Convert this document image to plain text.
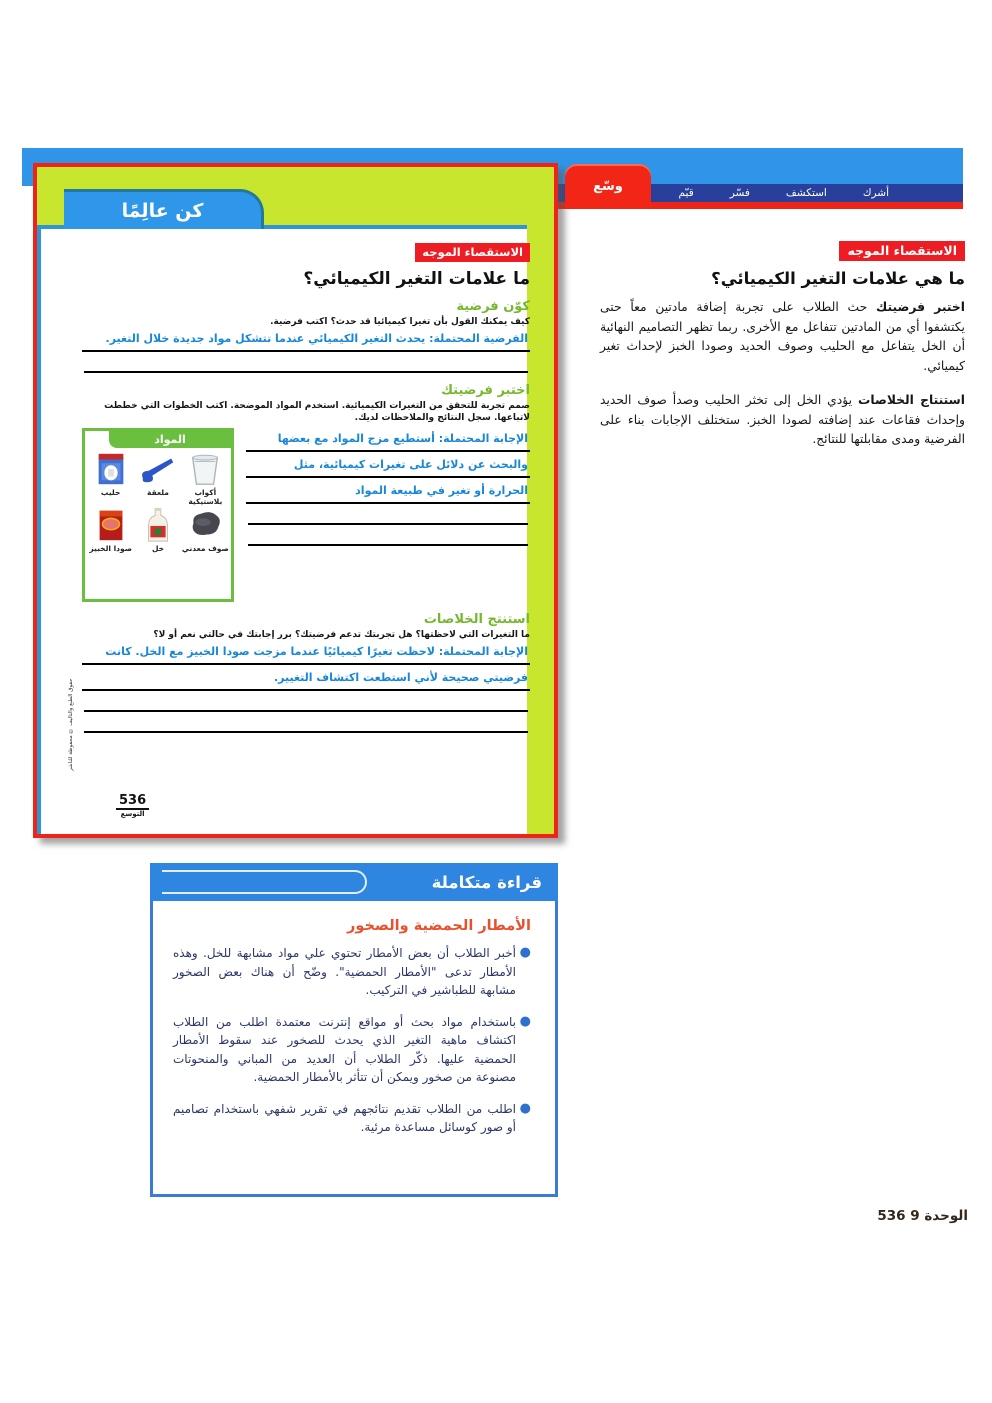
أشرك
استكشف
فسّر
قيّم
وسّع
كن عالِمًا
الاستقصاء الموجه
ما علامات التغير الكيميائي؟
كوّن فرضية
كيف يمكنك القول بأن تغيرا كيميائيا قد حدث؟ اكتب فرضية.
الفرضية المحتملة: يحدث التغير الكيميائي عندما تتشكل مواد جديدة خلال التغير.
اختبر فرضيتك
صمم تجربة للتحقق من التغيرات الكيميائية. استخدم المواد الموضحة. اكتب الخطوات التي خططت لاتباعها. سجل النتائج والملاحظات لديك.
الإجابة المحتملة: أستطيع مزج المواد مع بعضها
والبحث عن دلائل على تغيرات كيميائية، مثل
الحرارة أو تغير في طبيعة المواد
المواد
حليب	ملعقة	أكواب بلاستيكية
صودا الخبيز	خل صوف معدني
استنتج الخلاصات
ما التغيرات التي لاحظتها؟ هل تجربتك تدعم فرضيتك؟ برر إجابتك في حالتي نعم أو لا؟
الإجابة المحتملة: لاحظت تغيرًا كيميائيًا عندما مزجت صودا الخبيز مع الخل. كانت
فرضيتي صحيحة لأني استطعت اكتشاف التغيير.
536
التوسع
حقوق الطبع والتأليف © محفوظة للناشر
الاستقصاء الموجه
ما هي علامات التغير الكيميائي؟
اختبر فرضيتك حث الطلاب على تجربة إضافة مادتين معاً حتى يكتشفوا أي من المادتين تتفاعل مع الأخرى. ربما تظهر التصاميم النهائية أن الخل يتفاعل مع الحليب وصوف الحديد وصودا الخبز لإحداث تغير كيميائي.
استنتاج الخلاصات يؤدي الخل إلى تخثر الحليب وصدأ صوف الحديد وإحداث فقاعات عند إضافته لصودا الخبز. ستختلف الإجابات بناء على الفرضية ومدى مقابلتها للنتائج.
قراءة متكاملة
الأمطار الحمضية والصخور
●
أخبر الطلاب أن بعض الأمطار تحتوي علي مواد مشابهة للخل. وهذه الأمطار تدعى "الأمطار الحمضية". وضّح أن هناك بعض الصخور مشابهة للطباشير في التركيب.
●
باستخدام مواد بحث أو مواقع إنترنت معتمدة اطلب من الطلاب اكتشاف ماهية التغير الذي يحدث للصخور عند سقوط الأمطار الحمضية عليها. ذكّر الطلاب أن العديد من المباني والمنحوتات مصنوعة من صخور ويمكن أن تتأثر بالأمطار الحمضية.
●
اطلب من الطلاب تقديم نتائجهم في تقرير شفهي باستخدام تصاميم أو صور كوسائل مساعدة مرئية.
536 الوحدة 9
